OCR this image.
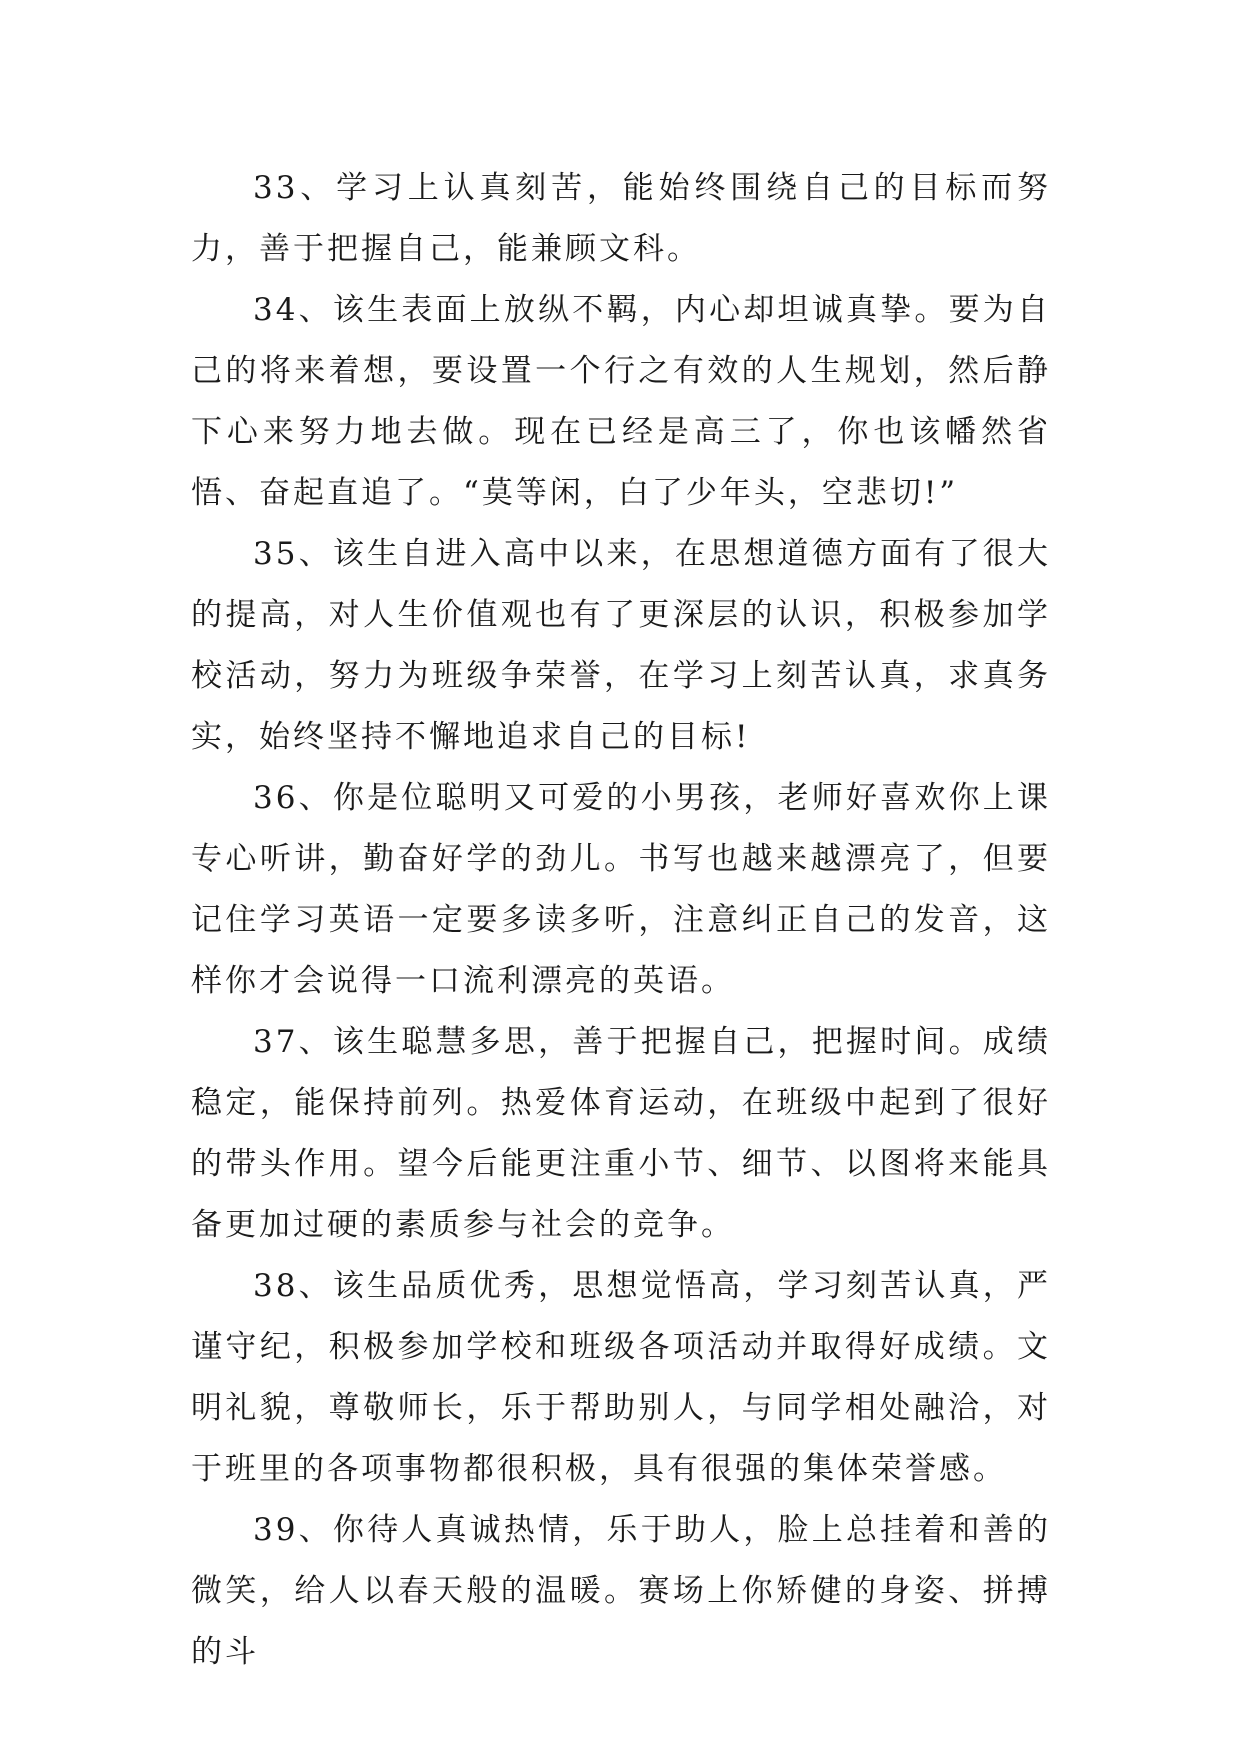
33、学习上认真刻苦，能始终围绕自己的目标而努力，善于把握自己，能兼顾文科。

34、该生表面上放纵不羁，内心却坦诚真挚。要为自己的将来着想，要设置一个行之有效的人生规划，然后静下心来努力地去做。现在已经是高三了，你也该幡然省悟、奋起直追了。“莫等闲，白了少年头，空悲切!”

35、该生自进入高中以来，在思想道德方面有了很大的提高，对人生价值观也有了更深层的认识，积极参加学校活动，努力为班级争荣誉，在学习上刻苦认真，求真务实，始终坚持不懈地追求自己的目标!

36、你是位聪明又可爱的小男孩，老师好喜欢你上课专心听讲，勤奋好学的劲儿。书写也越来越漂亮了，但要记住学习英语一定要多读多听，注意纠正自己的发音，这样你才会说得一口流利漂亮的英语。

37、该生聪慧多思，善于把握自己，把握时间。成绩稳定，能保持前列。热爱体育运动，在班级中起到了很好的带头作用。望今后能更注重小节、细节、以图将来能具备更加过硬的素质参与社会的竞争。

38、该生品质优秀，思想觉悟高，学习刻苦认真，严谨守纪，积极参加学校和班级各项活动并取得好成绩。文明礼貌，尊敬师长，乐于帮助别人，与同学相处融洽，对于班里的各项事物都很积极，具有很强的集体荣誉感。

39、你待人真诚热情，乐于助人，脸上总挂着和善的微笑，给人以春天般的温暖。赛场上你矫健的身姿、拼搏的斗
